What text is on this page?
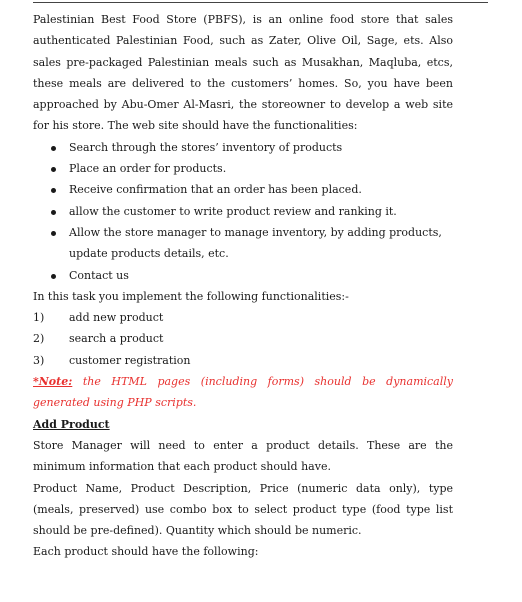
Palestinian Best Food Store (PBFS), is an online food store that sales authenticated Palestinian Food, such as Zater, Olive Oil, Sage, ets. Also sales pre-packaged Palestinian meals such as Musakhan, Maqluba, etcs, these meals are delivered to the customers’ homes. So, you have been approached by Abu-Omer Al-Masri, the storeowner to develop a web site for his store. The web site should have the functionalities:

Search through the stores’ inventory of products
Place an order for products.
Receive confirmation that an order has been placed.
allow the customer to write product review and ranking it.
Allow the store manager to manage inventory, by adding products, update products details, etc.
Contact us

In this task you implement the following functionalities:-

1) add new product
2) search a product
3) customer registration

*Note: the HTML pages (including forms) should be dynamically generated using PHP scripts.

Add Product

Store Manager will need to enter a product details. These are the minimum information that each product should have.

Product Name, Product Description, Price (numeric data only), type (meals, preserved) use combo box to select product type (food type list should be pre-defined). Quantity which should be numeric.

Each product should have the following:
